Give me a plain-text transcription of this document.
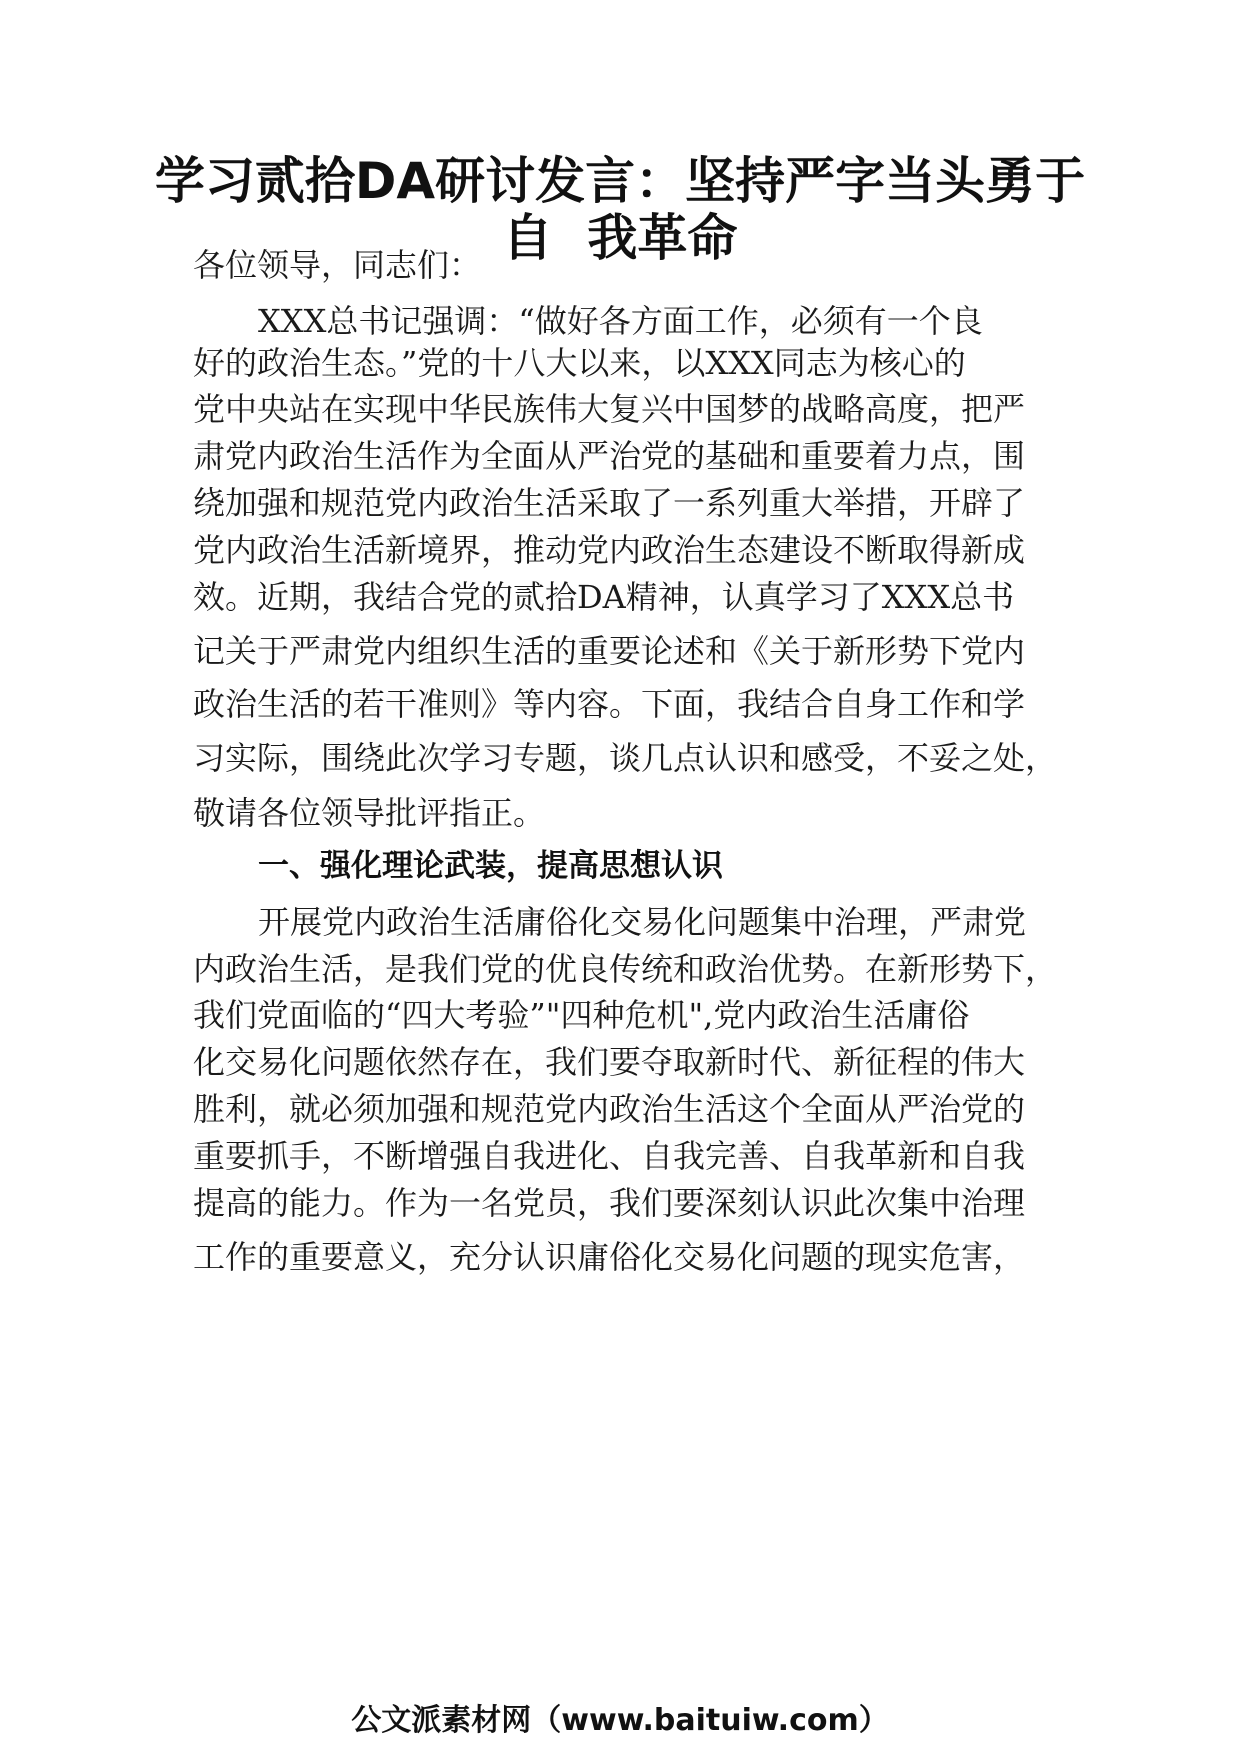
学习贰拾DA研讨发言：坚持严字当头勇于
自  我革命
各位领导，同志们：
XXX总书记强调：“做好各方面工作，必须有一个良
好的政治生态。”党的十八大以来，以XXX同志为核心的
党中央站在实现中华民族伟大复兴中国梦的战略高度，把严
肃党内政治生活作为全面从严治党的基础和重要着力点，围
绕加强和规范党内政治生活采取了一系列重大举措，开辟了
党内政治生活新境界，推动党内政治生态建设不断取得新成
效。近期，我结合党的贰拾DA精神，认真学习了XXX总书
记关于严肃党内组织生活的重要论述和《关于新形势下党内
政治生活的若干准则》等内容。下面，我结合自身工作和学
习实际，围绕此次学习专题，谈几点认识和感受，不妥之处，
敬请各位领导批评指正。
一、强化理论武装，提高思想认识
开展党内政治生活庸俗化交易化问题集中治理，严肃党
内政治生活，是我们党的优良传统和政治优势。在新形势下，
我们党面临的“四大考验”"四种危机",党内政治生活庸俗
化交易化问题依然存在，我们要夺取新时代、新征程的伟大
胜利，就必须加强和规范党内政治生活这个全面从严治党的
重要抓手，不断增强自我进化、自我完善、自我革新和自我
提高的能力。作为一名党员，我们要深刻认识此次集中治理
工作的重要意义，充分认识庸俗化交易化问题的现实危害，
公文派素材网（www.baituiw.com）
